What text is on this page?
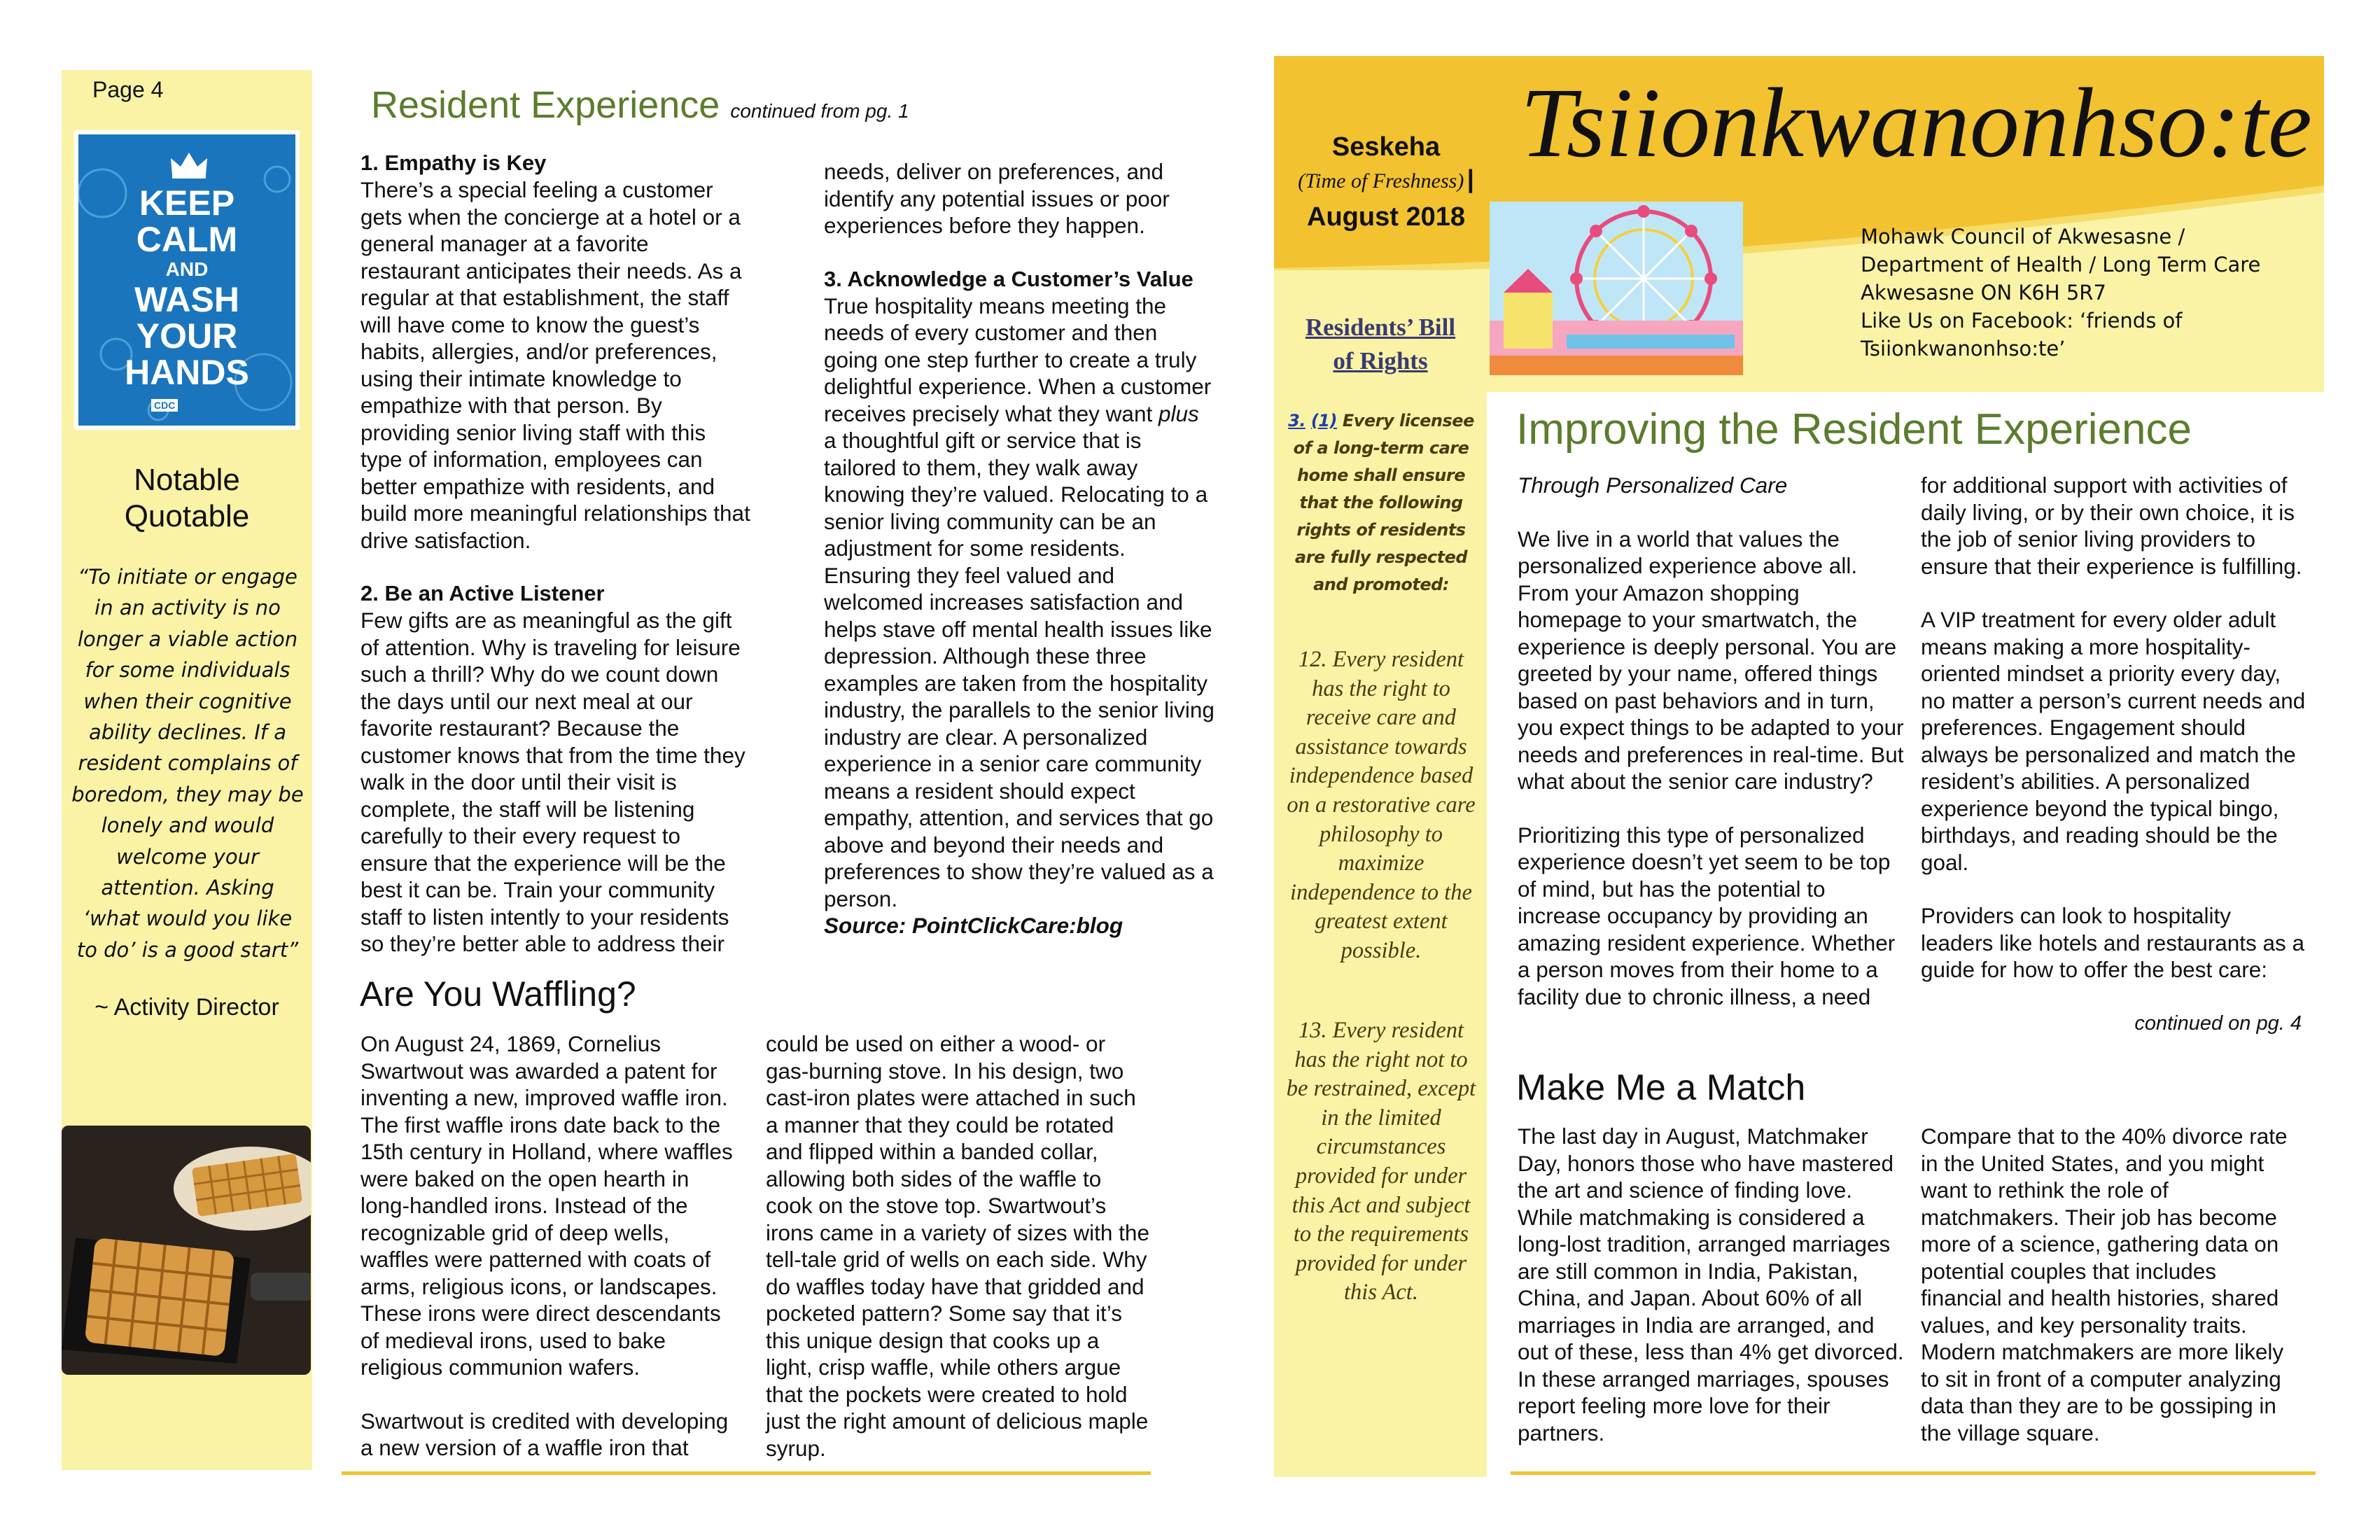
Page 4
KEEP
CALM
AND
WASH
YOUR
HANDS
CDC
Notable
Quotable
“To initiate or engage in an activity is no longer a viable action for some individuals when their cognitive ability declines. If a resident complains of boredom, they may be lonely and would welcome your attention. Asking ‘what would you like to do’ is a good start”
~ Activity Director
Resident Experience continued from pg. 1
1. Empathy is Key

There’s a special feeling a customer gets when the concierge at a hotel or a general manager at a favorite restaurant anticipates their needs. As a regular at that establishment, the staff will have come to know the guest’s habits, allergies, and/or preferences, using their intimate knowledge to empathize with that person. By providing senior living staff with this type of information, employees can better empathize with residents, and build more meaningful relationships that drive satisfaction.

2. Be an Active Listener

Few gifts are as meaningful as the gift of attention. Why is traveling for leisure such a thrill? Why do we count down the days until our next meal at our favorite restaurant? Because the customer knows that from the time they walk in the door until their visit is complete, the staff will be listening carefully to their every request to ensure that the experience will be the best it can be. Train your community staff to listen intently to your residents so they’re better able to address their

needs, deliver on preferences, and identify any potential issues or poor experiences before they happen.

3. Acknowledge a Customer’s Value
True hospitality means meeting the needs of every customer and then going one step further to create a truly delightful experience. When a customer receives precisely what they want plus a thoughtful gift or service that is tailored to them, they walk away knowing they’re valued. Relocating to a senior living community can be an adjustment for some residents. Ensuring they feel valued and welcomed increases satisfaction and helps stave off mental health issues like depression. Although these three examples are taken from the hospitality industry, the parallels to the senior living industry are clear. A personalized experience in a senior care community means a resident should expect empathy, attention, and services that go above and beyond their needs and preferences to show they’re valued as a person.
Source: PointClickCare:blog
Are You Waffling?

On August 24, 1869, Cornelius Swartwout was awarded a patent for inventing a new, improved waffle iron. The first waffle irons date back to the 15th century in Holland, where waffles were baked on the open hearth in long-handled irons. Instead of the recognizable grid of deep wells, waffles were patterned with coats of arms, religious icons, or landscapes. These irons were direct descendants of medieval irons, used to bake religious communion wafers.

Swartwout is credited with developing a new version of a waffle iron that

could be used on either a wood- or gas-burning stove. In his design, two cast-iron plates were attached in such a manner that they could be rotated and flipped within a banded collar, allowing both sides of the waffle to cook on the stove top. Swartwout’s irons came in a variety of sizes with the tell-tale grid of wells on each side. Why do waffles today have that gridded and pocketed pattern? Some say that it’s this unique design that cooks up a light, crisp waffle, while others argue that the pockets were created to hold just the right amount of delicious maple syrup.

Tsiionkwanonhso:te
Seskeha
(Time of Freshness) |
August 2018
Mohawk Council of Akwesasne /
Department of Health / Long Term Care
Akwesasne ON K6H 5R7
Like Us on Facebook: ‘friends of
Tsiionkwanonhso:te’
Residents’ Bill of Rights
3. (1) Every licensee of a long-term care home shall ensure that the following rights of residents are fully respected and promoted:
12. Every resident has the right to receive care and assistance towards independence based on a restorative care philosophy to maximize independence to the greatest extent possible.
13. Every resident has the right not to be restrained, except in the limited circumstances provided for under this Act and subject to the requirements provided for under this Act.
Improving the Resident Experience

Through Personalized Care

We live in a world that values the personalized experience above all. From your Amazon shopping homepage to your smartwatch, the experience is deeply personal. You are greeted by your name, offered things based on past behaviors and in turn, you expect things to be adapted to your needs and preferences in real-time. But what about the senior care industry?

Prioritizing this type of personalized experience doesn’t yet seem to be top of mind, but has the potential to increase occupancy by providing an amazing resident experience. Whether a person moves from their home to a facility due to chronic illness, a need

for additional support with activities of daily living, or by their own choice, it is the job of senior living providers to ensure that their experience is fulfilling.

A VIP treatment for every older adult means making a more hospitality-oriented mindset a priority every day, no matter a person’s current needs and preferences. Engagement should always be personalized and match the resident’s abilities. A personalized experience beyond the typical bingo, birthdays, and reading should be the goal.

Providers can look to hospitality leaders like hotels and restaurants as a guide for how to offer the best care:

continued on pg. 4
Make Me a Match

The last day in August, Matchmaker Day, honors those who have mastered the art and science of finding love. While matchmaking is considered a long-lost tradition, arranged marriages are still common in India, Pakistan, China, and Japan. About 60% of all marriages in India are arranged, and out of these, less than 4% get divorced. In these arranged marriages, spouses report feeling more love for their partners.

Compare that to the 40% divorce rate in the United States, and you might want to rethink the role of matchmakers. Their job has become more of a science, gathering data on potential couples that includes financial and health histories, shared values, and key personality traits. Modern matchmakers are more likely to sit in front of a computer analyzing data than they are to be gossiping in the village square.
